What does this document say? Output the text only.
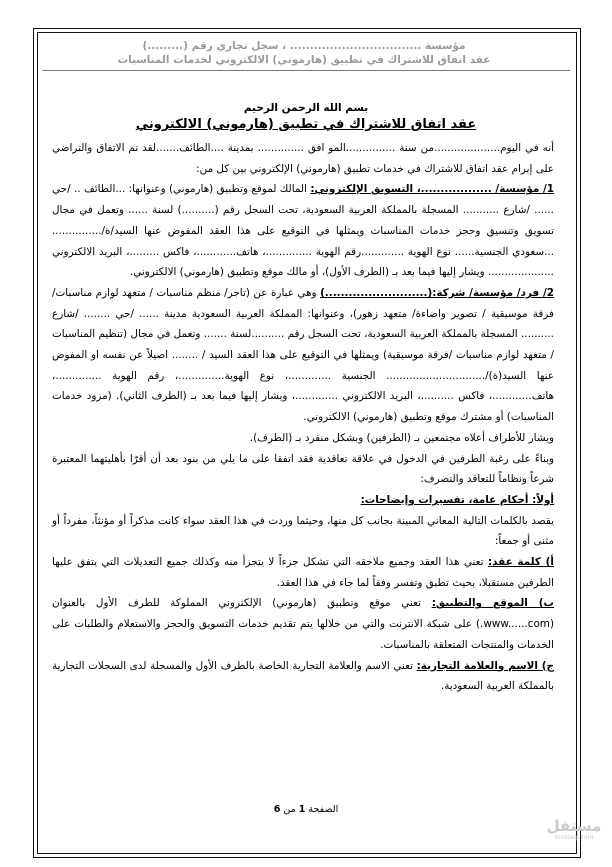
مؤسسة ................................. ، سجل تجاري رقم (.........)
عقد اتفاق للاشتراك في تطبيق (هارموني) الالكتروني لخدمات المناسبات
بسم الله الرحمن الرحيم
عقد اتفاق للاشتراك في تطبيق (هارموني) الالكتروني

أنه في اليوم....................من سنة ...............المو افق .............. بمدينة ....الطائف.......لقد تم الاتفاق والتراضي على إبرام عقد اتفاق للاشتراك في خدمات تطبيق (هارموني) الإلكتروني بين كل من:

1/ مؤسسة/ ..................، التسويق الإلكتروني: المالك لموقع وتطبيق (هارموني) وعنوانها: ...الطائف .. /حي ...... /شارع ........... المسجلة بالمملكة العربية السعودية، تحت السجل رقم (..........) لسنة ...... وتعمل في مجال تسويق وتنسيق وحجز خدمات المناسبات ويمثلها في التوقيع على هذا العقد المفوض عنها السيد/ة/............... ...سعودي الجنسية...... نوع الهوية .............رقم الهوية ..............، هاتف............، فاكس .........، البريد الالكتروني .................... ويشار إليها فيما بعد بـ (الطرف الأول)، أو مالك موقع وتطبيق (هارموني) الالكتروني.

2/ فرد/ مؤسسة/ شركة:(..........................) وهي عبارة عن (تاجر/ منظم مناسبات / متعهد لوازم مناسبات/ فرقة موسيقية / تصوير واضاءة/ متعهد زهور)، وعنوانها: المملكة العربية السعودية مدينة ...... /حي ........ /شارع .......... المسجلة بالمملكة العربية السعودية، تحت السجل رقم ..........لسنة ....... وتعمل في مجال (تنظيم المناسبات / متعهد لوازم مناسبات /فرقة موسيقية) ويمثلها في التوقيع على هذا العقد السيد / ........ اصيلاً عن نفسه او المفوض عنها السيد(ة)/.............................. الجنسية .............، نوع الهوية..............، رقم الهوية ..............، هاتف............، فاكس ..........، البريد الالكتروني .............، ويشار إليها فيما بعد بـ (الطرف الثاني). (مزود خدمات المناسبات) أو مشترك موقع وتطبيق (هارموني) الالكتروني.

ويشار للأطراف أعلاه مجتمعين بـ (الطرفين) وبشكل منفرد بـ (الطرف).

وبناءً على رغبة الطرفين في الدخول في علاقة تعاقدية فقد اتفقا على ما يلي من بنود بعد أن أقرّا بأهليتهما المعتبرة شرعاً ونظاماً للتعاقد والتصرف:

أولاً: أحكام عامة، تفسيرات وإيضاحات:

يقصد بالكلمات التالية المعاني المبينة بجانب كل منها، وحيثما وردت في هذا العقد سواء كانت مذكراً أو مؤنثاً، مفرداً أو مثنى أو جمعاً:

أ) كلمة عقد: تعني هذا العقد وجميع ملاحقه التي تشكل جزءاً لا يتجزأ منه وكذلك جميع التعديلات التي يتفق عليها الطرفين مستقبلا، بحيث تطبق وتفسر وفقاً لما جاء في هذا العقد.

ب) الموقع والتطبيق: تعني موقع وتطبيق (هارموني) الإلكتروني المملوكة للطرف الأول بالعنوان (www......com.) على شبكة الانترنت والتي من خلالها يتم تقديم خدمات التسويق والحجز والاستعلام والطلبات على الخدمات والمنتجات المتعلقة بالمناسبات.

ج) الاسم والعلامة التجارية: تعني الاسم والعلامة التجارية الخاصة بالطرف الأول والمسجلة لدى السجلات التجارية بالمملكة العربية السعودية.

الصفحة 1 من 6
مستقل
mostaql.com
